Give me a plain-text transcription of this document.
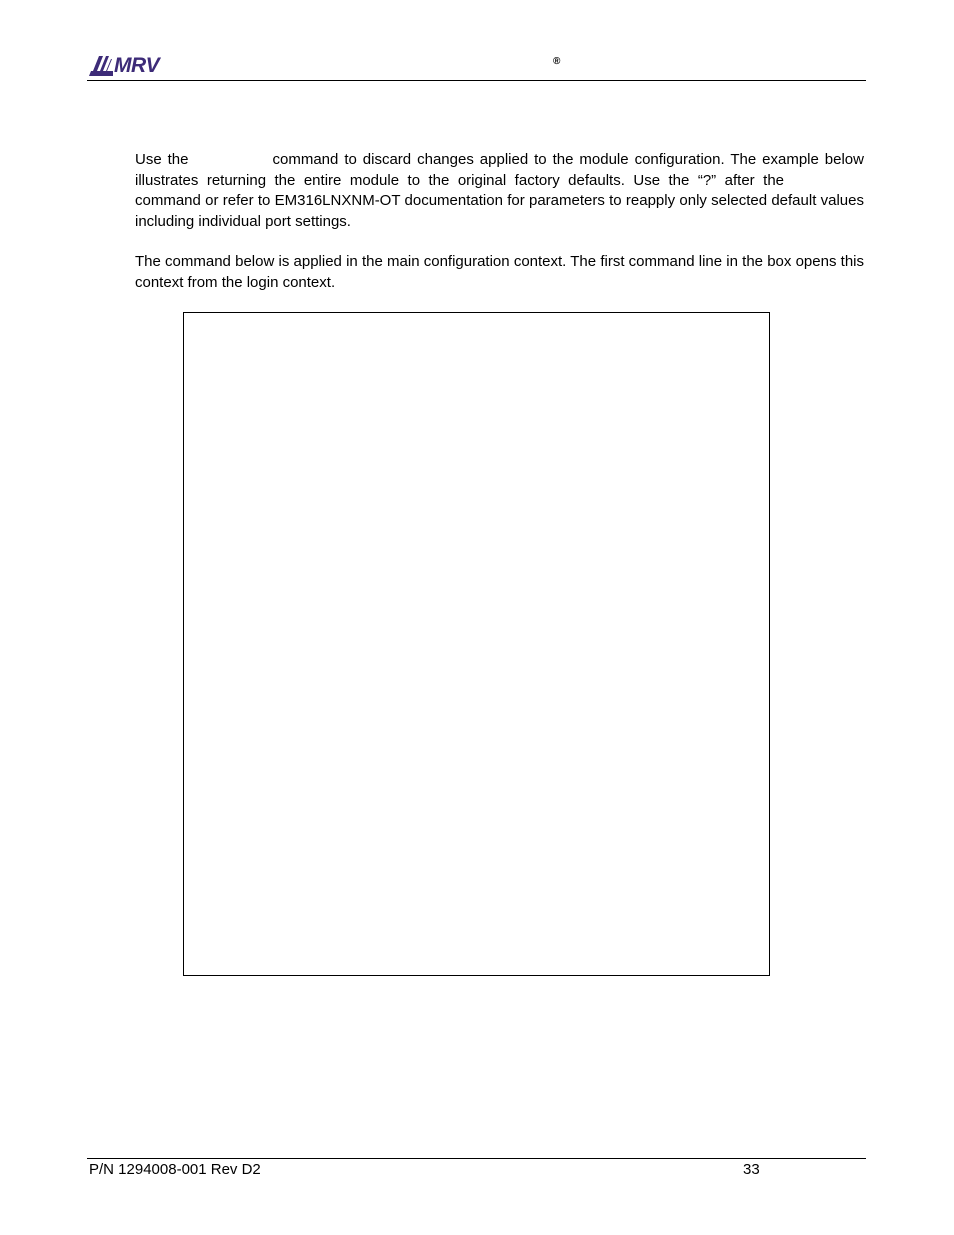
MRV	®

Use the	command to discard changes applied to the module configuration. The example below illustrates returning the entire module to the original factory defaults. Use the “?” after thecommand or refer to EM316LNXNM-OT documentation for parameters to reapply only selected default values including individual port settings.

The command below is applied in the main configuration context. The first command line in the box opens this context from the login context.

P/N 1294008-001 Rev D2	33
